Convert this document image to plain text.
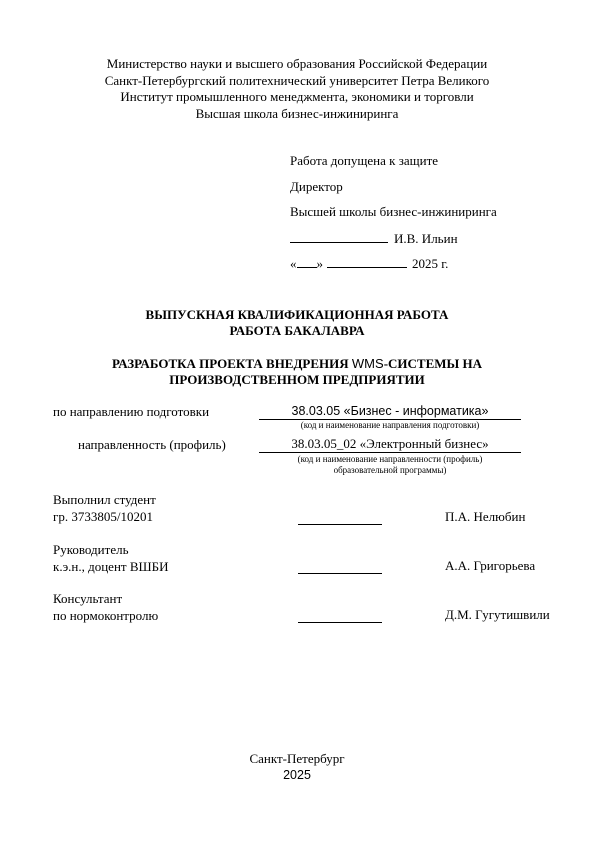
Министерство науки и высшего образования Российской Федерации
Санкт-Петербургский политехнический университет Петра Великого
Институт промышленного менеджмента, экономики и торговли
Высшая школа бизнес-инжиниринга
Работа допущена к защите
Директор
Высшей школы бизнес-инжиниринга
И.В. Ильин
« »	2025 г.
ВЫПУСКНАЯ КВАЛИФИКАЦИОННАЯ РАБОТА
РАБОТА БАКАЛАВРА
РАЗРАБОТКА ПРОЕКТА ВНЕДРЕНИЯ WMS-СИСТЕМЫ НА
ПРОИЗВОДСТВЕННОМ ПРЕДПРИЯТИИ
по направлению подготовки	38.03.05 «Бизнес - информатика»
(код и наименование направления подготовки)
направленность (профиль)	38.03.05_02 «Электронный бизнес»
(код и наименование направленности (профиль)
образовательной программы)
Выполнил студент
гр. 3733805/10201	П.А. Нелюбин
Руководитель
к.э.н., доцент ВШБИ	А.А. Григорьева
Консультант
по нормоконтролю	Д.М. Гугутишвили
Санкт-Петербург
2025
